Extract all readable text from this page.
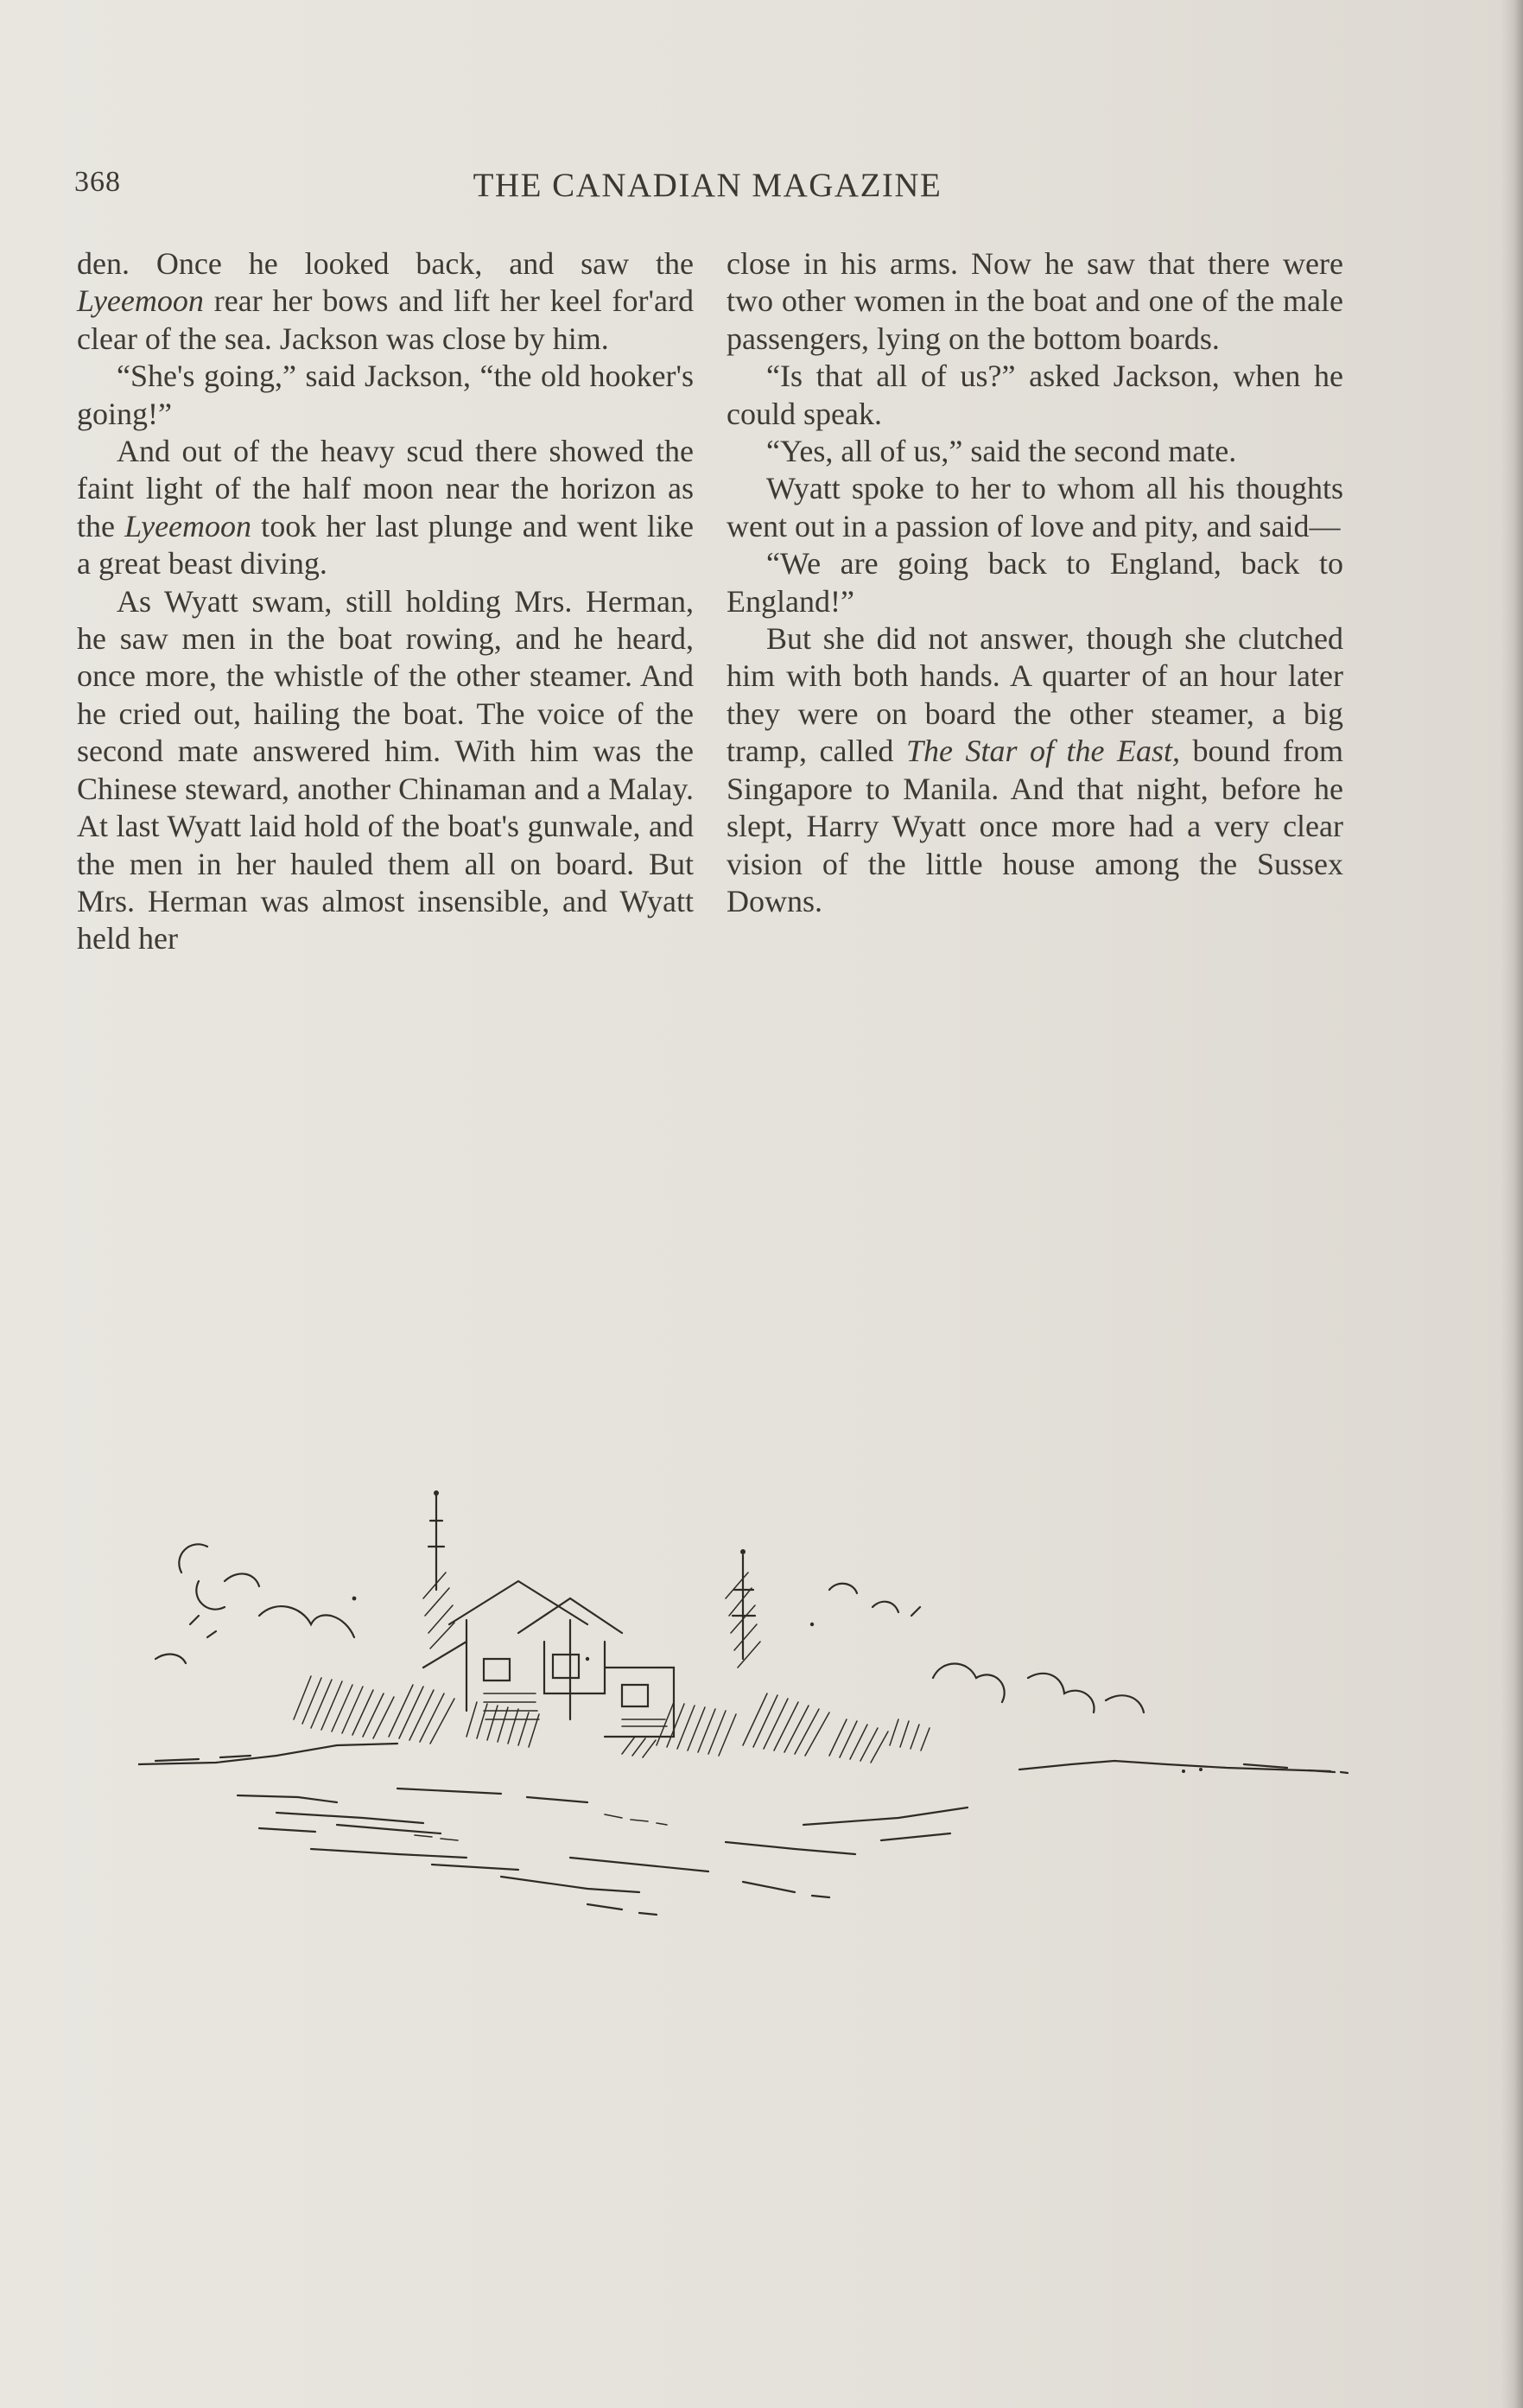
368	THE CANADIAN MAGAZINE

den. Once he looked back, and saw the Lyeemoon rear her bows and lift her keel for'ard clear of the sea. Jackson was close by him.

“She's going,” said Jackson, “the old hooker's going!”

And out of the heavy scud there showed the faint light of the half moon near the horizon as the Lyeemoon took her last plunge and went like a great beast diving.

As Wyatt swam, still holding Mrs. Herman, he saw men in the boat rowing, and he heard, once more, the whistle of the other steamer. And he cried out, hailing the boat. The voice of the second mate answered him. With him was the Chinese steward, another Chinaman and a Malay. At last Wyatt laid hold of the boat's gunwale, and the men in her hauled them all on board. But Mrs. Herman was almost insensible, and Wyatt held her

close in his arms. Now he saw that there were two other women in the boat and one of the male passengers, lying on the bottom boards.

“Is that all of us?” asked Jackson, when he could speak.

“Yes, all of us,” said the second mate.

Wyatt spoke to her to whom all his thoughts went out in a passion of love and pity, and said—

“We are going back to England, back to England!”

But she did not answer, though she clutched him with both hands. A quarter of an hour later they were on board the other steamer, a big tramp, called The Star of the East, bound from Singapore to Manila. And that night, before he slept, Harry Wyatt once more had a very clear vision of the little house among the Sussex Downs.
